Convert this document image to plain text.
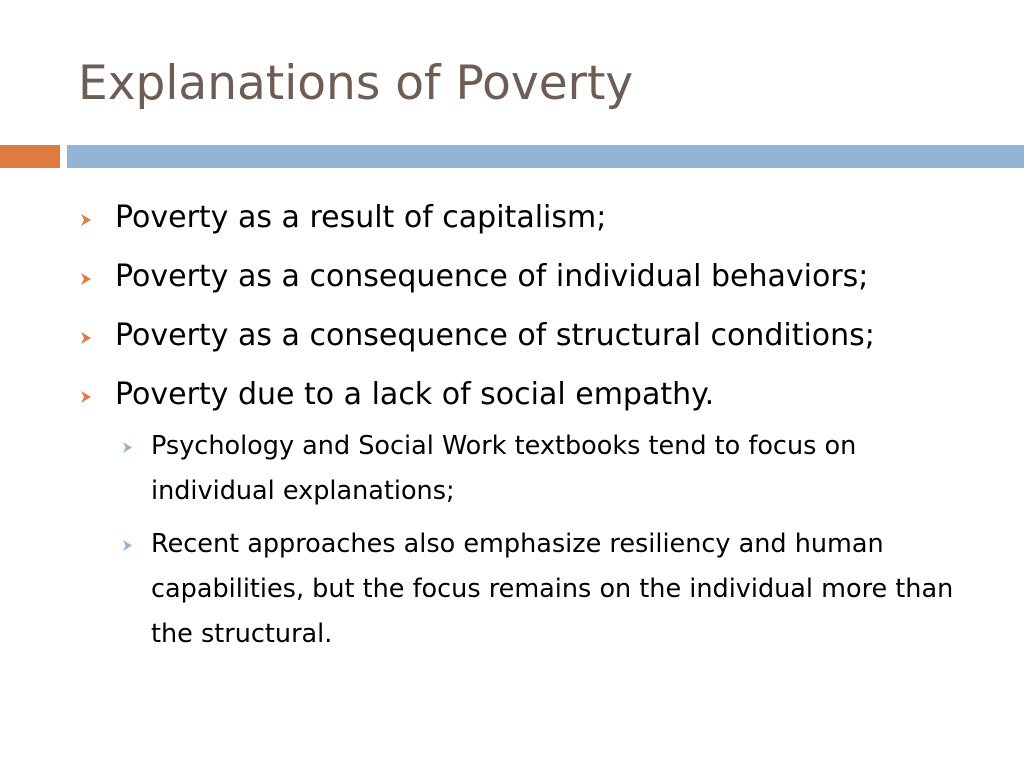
Explanations of Poverty
Poverty as a result of capitalism;
Poverty as a consequence of individual behaviors;
Poverty as a consequence of structural conditions;
Poverty due to a lack of social empathy.
Psychology and Social Work textbooks tend to focus on individual explanations;
Recent approaches also emphasize resiliency and human capabilities, but the focus remains on the individual more than the structural.
